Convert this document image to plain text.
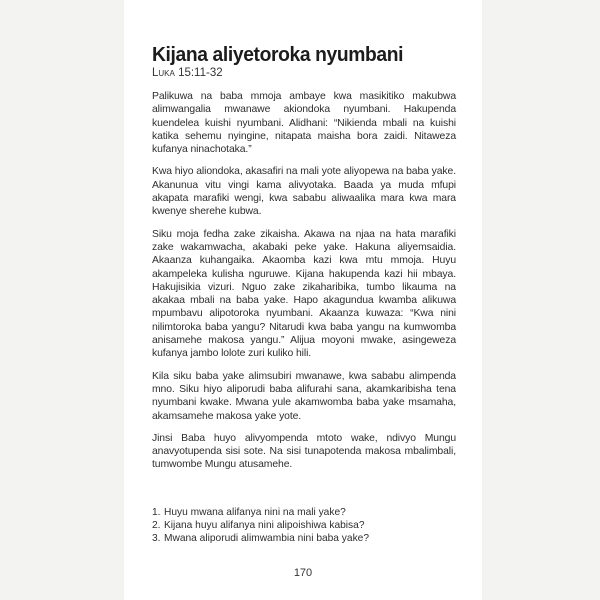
Kijana aliyetoroka nyumbani

Luka 15:11-32

Palikuwa na baba mmoja ambaye kwa masikitiko makubwa alimwangalia mwanawe akiondoka nyumbani. Hakupenda kuendelea kuishi nyumbani. Alidhani: “Nikienda mbali na kuishi katika sehemu nyingine, nitapata maisha bora zaidi. Nitaweza kufanya ninachotaka.”

Kwa hiyo aliondoka, akasafiri na mali yote aliyopewa na baba yake. Akanunua vitu vingi kama alivyotaka. Baada ya muda mfupi akapata marafiki wengi, kwa sababu aliwaalika mara kwa mara kwenye sherehe kubwa.

Siku moja fedha zake zikaisha. Akawa na njaa na hata marafiki zake wakamwacha, akabaki peke yake. Hakuna aliyemsaidia. Akaanza kuhangaika. Akaomba kazi kwa mtu mmoja. Huyu akampeleka kulisha nguruwe. Kijana hakupenda kazi hii mbaya. Hakujisikia vizuri. Nguo zake zikaharibika, tumbo likauma na akakaa mbali na baba yake. Hapo akagundua kwamba alikuwa mpumbavu alipotoroka nyumbani. Akaanza kuwaza: “Kwa nini nilimtoroka baba yangu? Nitarudi kwa baba yangu na kumwomba anisamehe makosa yangu.” Alijua moyoni mwake, asingeweza kufanya jambo lolote zuri kuliko hili.

Kila siku baba yake alimsubiri mwanawe, kwa sababu alimpenda mno. Siku hiyo aliporudi baba alifurahi sana, akamkaribisha tena nyumbani kwake. Mwana yule akamwomba baba yake msamaha, akamsamehe makosa yake yote.

Jinsi Baba huyo alivyompenda mtoto wake, ndivyo Mungu anavyotupenda sisi sote. Na sisi tunapotenda makosa mbalimbali, tumwombe Mungu atusamehe.

1. Huyu mwana alifanya nini na mali yake?
2. Kijana huyu alifanya nini alipoishiwa kabisa?
3. Mwana aliporudi alimwambia nini baba yake?
170
